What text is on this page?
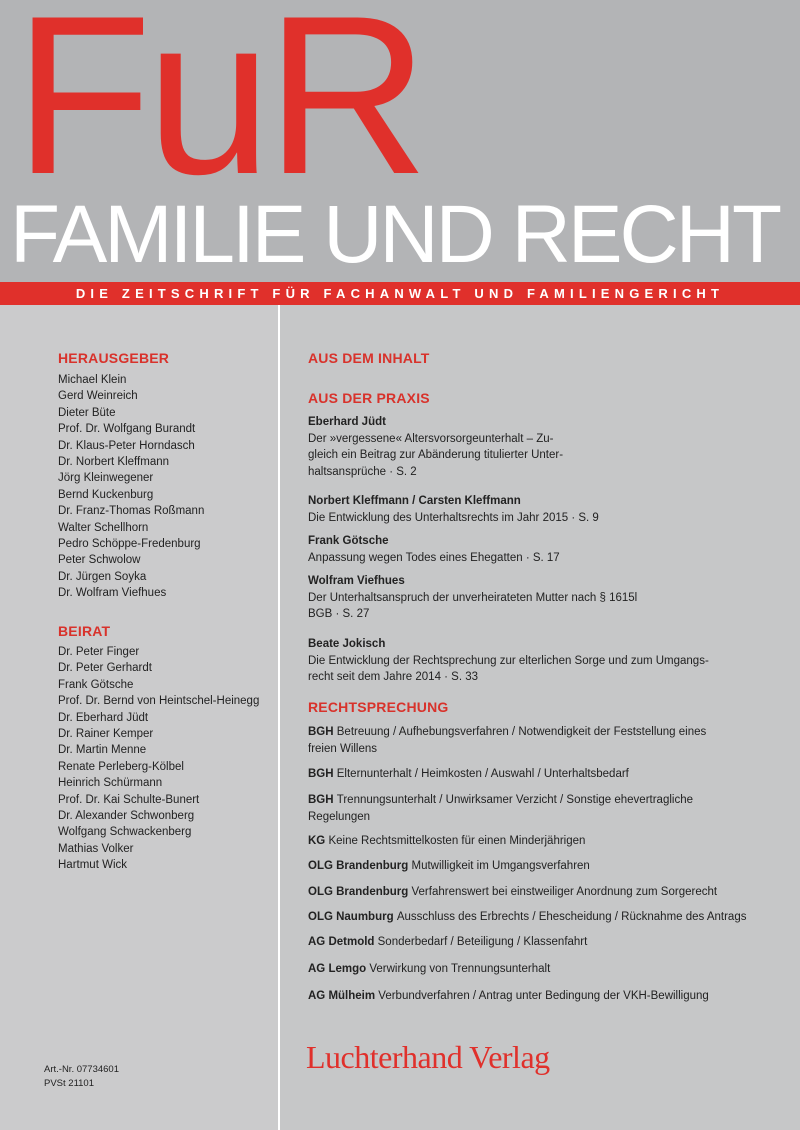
FuR
FAMILIE UND RECHT
DIE ZEITSCHRIFT FÜR FACHANWALT UND FAMILIENGERICHT
HERAUSGEBER
Michael Klein
Gerd Weinreich
Dieter Büte
Prof. Dr. Wolfgang Burandt
Dr. Klaus-Peter Horndasch
Dr. Norbert Kleffmann
Jörg Kleinwegener
Bernd Kuckenburg
Dr. Franz-Thomas Roßmann
Walter Schellhorn
Pedro Schöppe-Fredenburg
Peter Schwolow
Dr. Jürgen Soyka
Dr. Wolfram Viefhues
BEIRAT
Dr. Peter Finger
Dr. Peter Gerhardt
Frank Götsche
Prof. Dr. Bernd von Heintschel-Heinegg
Dr. Eberhard Jüdt
Dr. Rainer Kemper
Dr. Martin Menne
Renate Perleberg-Kölbel
Heinrich Schürmann
Prof. Dr. Kai Schulte-Bunert
Dr. Alexander Schwonberg
Wolfgang Schwackenberg
Mathias Volker
Hartmut Wick
Art.-Nr. 07734601
PVSt 21101
AUS DEM INHALT
AUS DER PRAXIS
RECHTSPRECHUNG
Luchterhand Verlag
Eberhard Jüdt
Der »vergessene« Altersvorsorgeunterhalt – Zu-
gleich ein Beitrag zur Abänderung titulierter Unter-
haltsansprüche · S. 2
Norbert Kleffmann / Carsten Kleffmann
Die Entwicklung des Unterhaltsrechts im Jahr 2015 · S. 9
Frank Götsche
Anpassung wegen Todes eines Ehegatten · S. 17
Wolfram Viefhues
Der Unterhaltsanspruch der unverheirateten Mutter nach § 1615l
BGB · S. 27
Beate Jokisch
Die Entwicklung der Rechtsprechung zur elterlichen Sorge und zum Umgangs-
recht seit dem Jahre 2014 · S. 33
BGH Betreuung / Aufhebungsverfahren / Notwendigkeit der Feststellung eines
freien Willens
BGH Elternunterhalt / Heimkosten / Auswahl / Unterhaltsbedarf
BGH Trennungsunterhalt / Unwirksamer Verzicht / Sonstige ehevertragliche
Regelungen
KG Keine Rechtsmittelkosten für einen Minderjährigen
OLG Brandenburg Mutwilligkeit im Umgangsverfahren
OLG Brandenburg Verfahrenswert bei einstweiliger Anordnung zum Sorgerecht
OLG Naumburg Ausschluss des Erbrechts / Ehescheidung / Rücknahme des Antrags
AG Detmold Sonderbedarf / Beteiligung / Klassenfahrt
AG Lemgo Verwirkung von Trennungsunterhalt
AG Mülheim Verbundverfahren / Antrag unter Bedingung der VKH-Bewilligung
